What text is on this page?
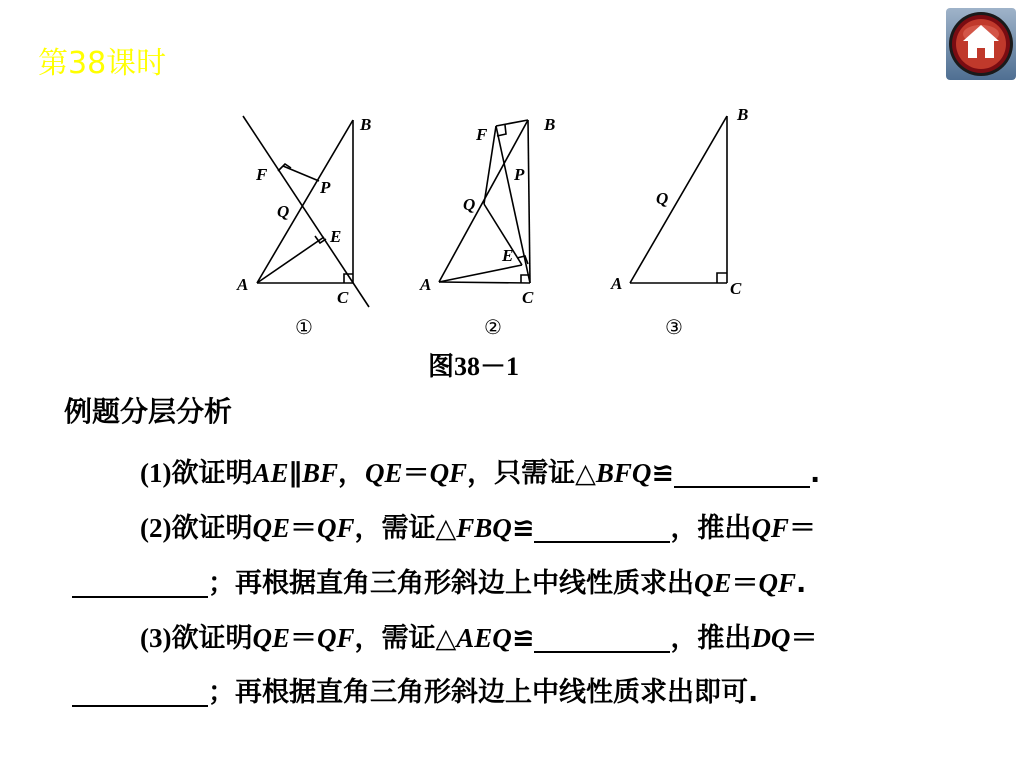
第38课时
B
F
P
Q
E
A
C
F
B
P
Q
E
A
C
B
Q
A	C
①	②	③
图38－1
例题分层分析
(1)欲证明AE∥BF，QE＝QF，只需证△BFQ≌	.
(2)欲证明QE＝QF，需证△FBQ≌	，推出QF＝
；再根据直角三角形斜边上中线性质求出QE＝QF.
(3)欲证明QE＝QF，需证△AEQ≌	，推出DQ＝
；再根据直角三角形斜边上中线性质求出即可.
